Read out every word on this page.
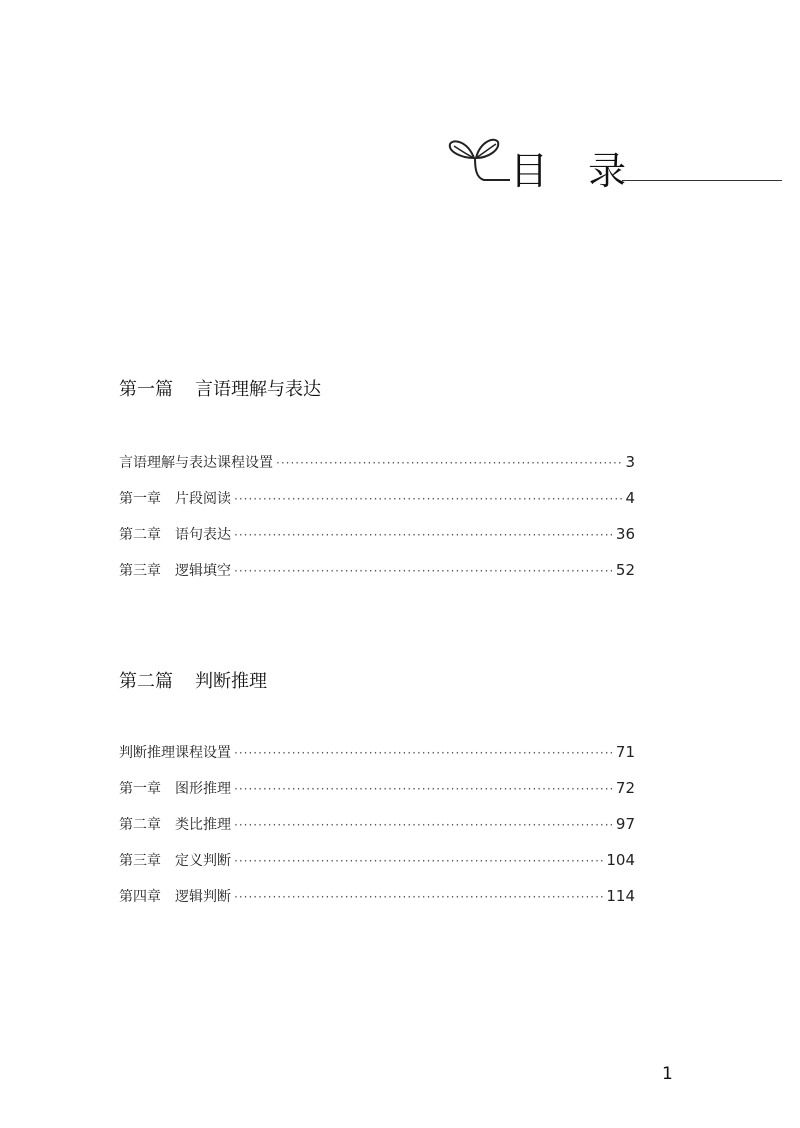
目 录
第一篇 言语理解与表达
言语理解与表达课程设置 ·····	3
第一章 片段阅读 ·····	4
第二章 语句表达 ·····	36
第三章 逻辑填空 ·····	52
第二篇 判断推理
判断推理课程设置 ·····	71
第一章 图形推理 ·····	72
第二章 类比推理 ·····	97
第三章 定义判断 ·····	104
第四章 逻辑判断 ·····	114
1
